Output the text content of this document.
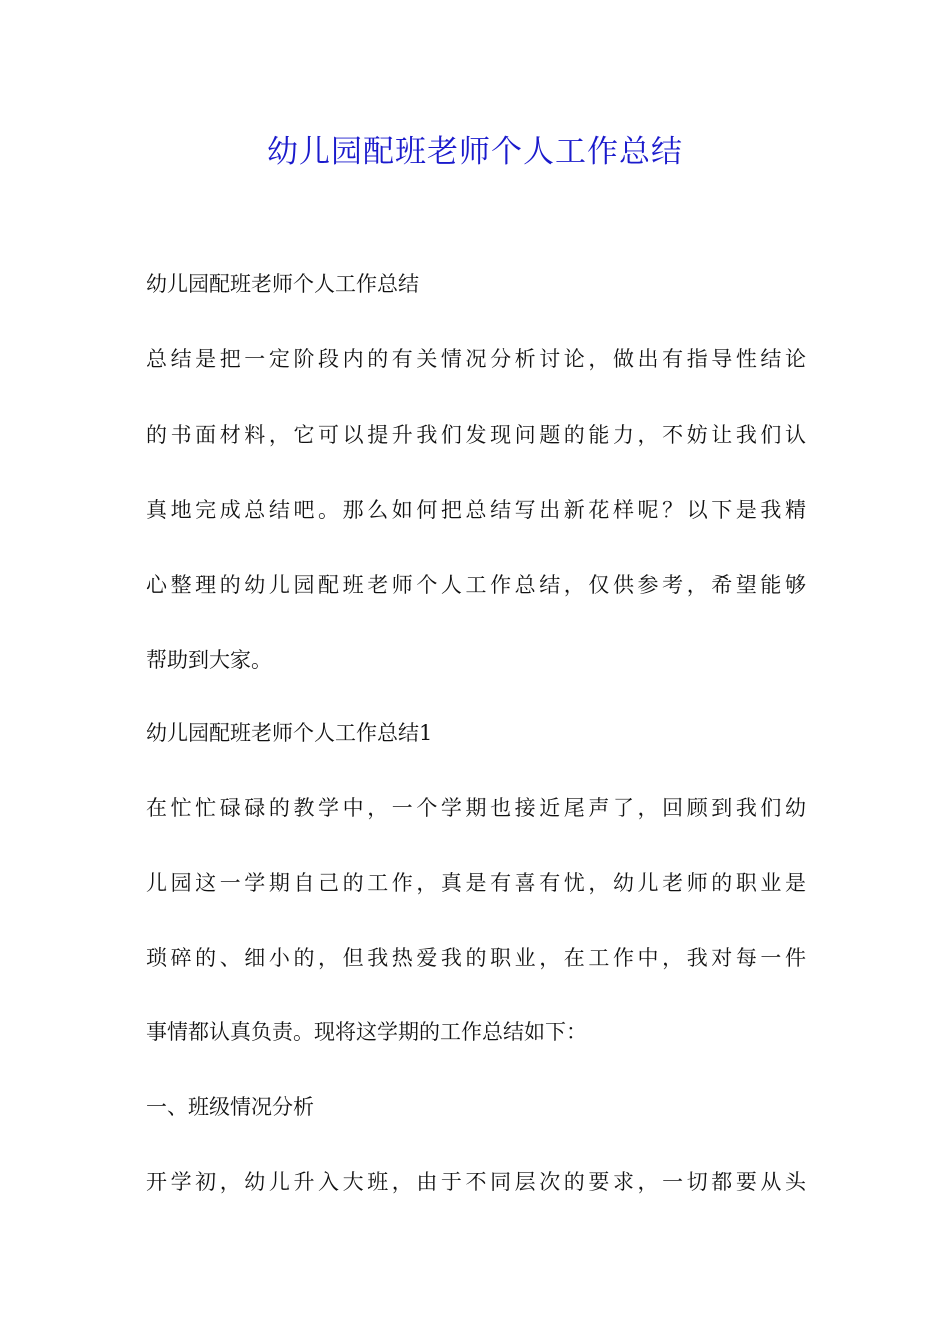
幼儿园配班老师个人工作总结

幼儿园配班老师个人工作总结

总结是把一定阶段内的有关情况分析讨论，做出有指导性结论

的书面材料，它可以提升我们发现问题的能力，不妨让我们认

真地完成总结吧。那么如何把总结写出新花样呢？以下是我精

心整理的幼儿园配班老师个人工作总结，仅供参考，希望能够

帮助到大家。

幼儿园配班老师个人工作总结1

在忙忙碌碌的教学中，一个学期也接近尾声了，回顾到我们幼

儿园这一学期自己的工作，真是有喜有忧，幼儿老师的职业是

琐碎的、细小的，但我热爱我的职业，在工作中，我对每一件

事情都认真负责。现将这学期的工作总结如下：

一、班级情况分析

开学初，幼儿升入大班，由于不同层次的要求，一切都要从头
